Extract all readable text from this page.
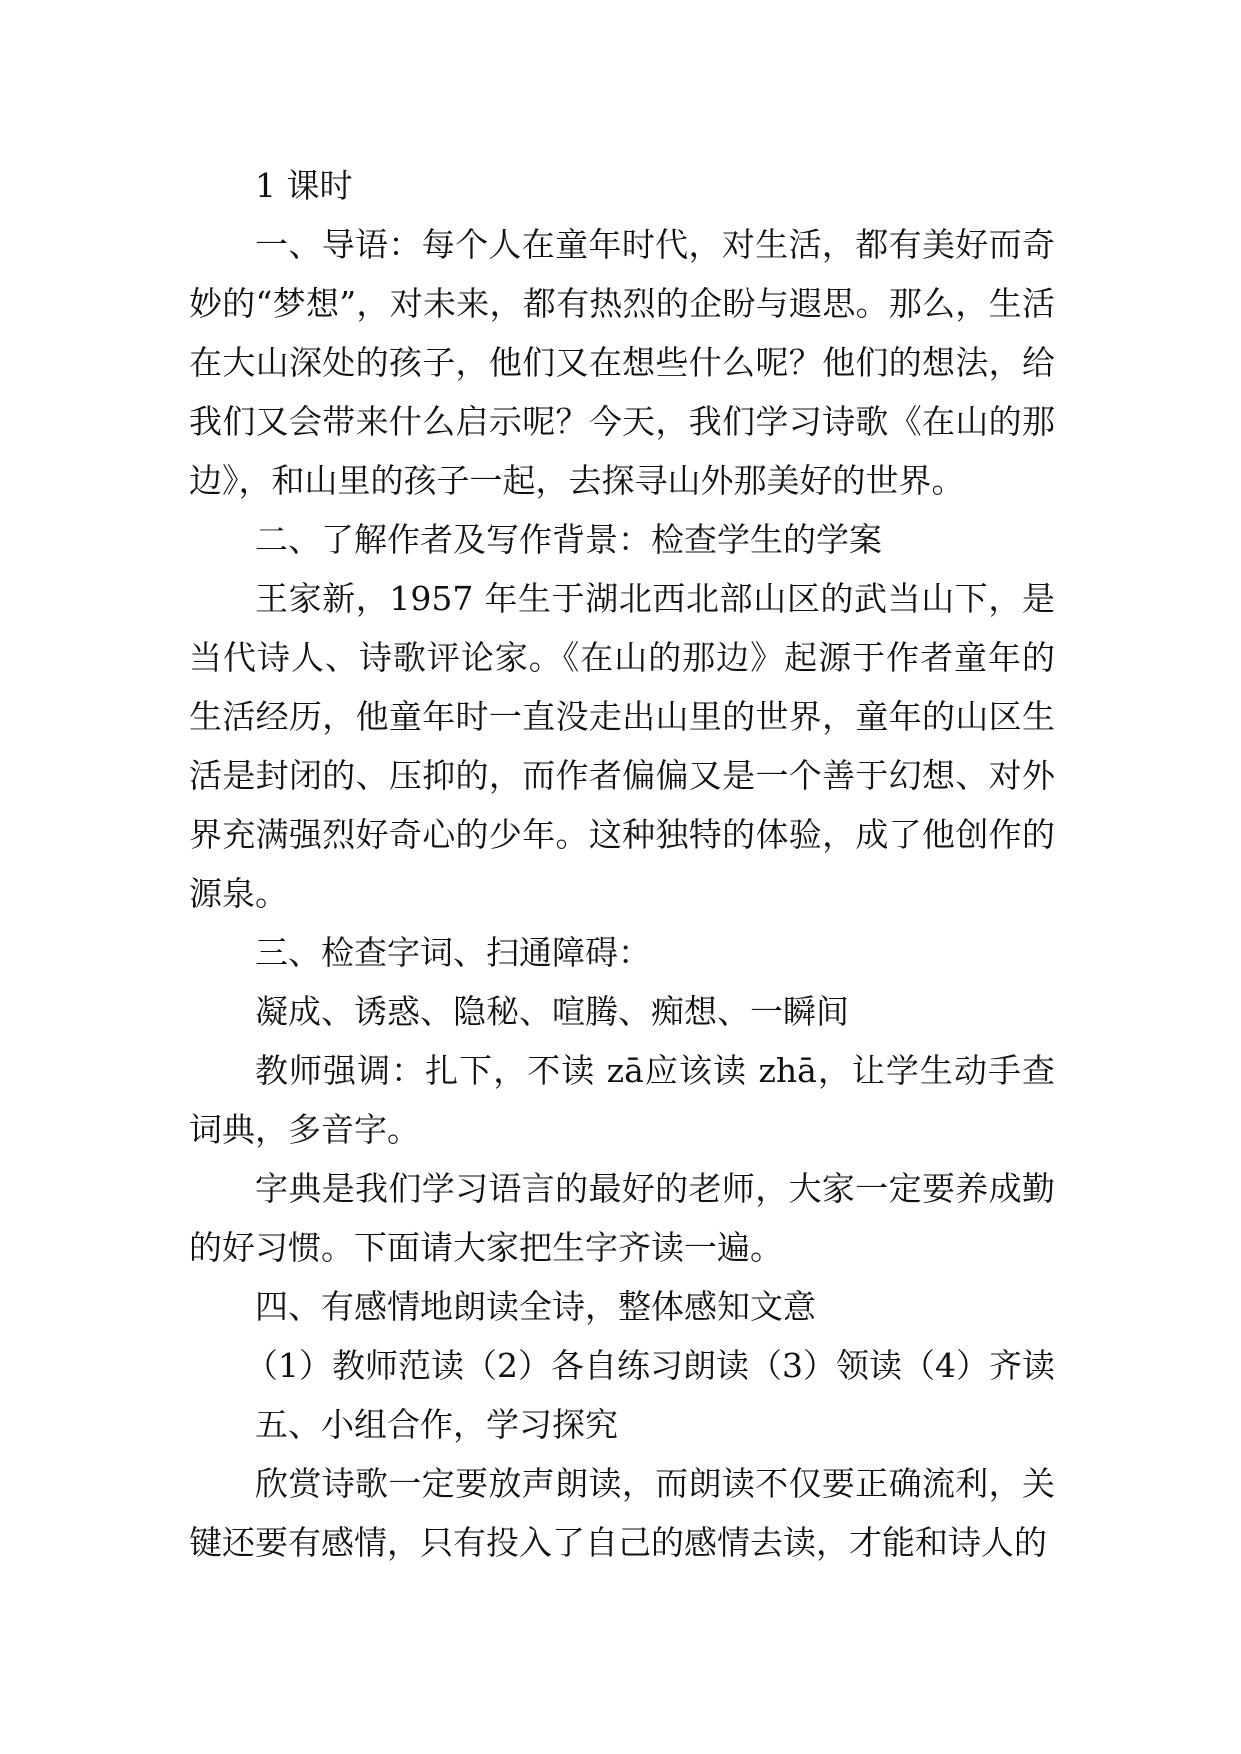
1 课时

一、导语：每个人在童年时代，对生活，都有美好而奇妙的“梦想”，对未来，都有热烈的企盼与遐思。那么，生活在大山深处的孩子，他们又在想些什么呢？他们的想法，给我们又会带来什么启示呢？今天，我们学习诗歌《在山的那边》，和山里的孩子一起，去探寻山外那美好的世界。

二、了解作者及写作背景：检查学生的学案

王家新，1957 年生于湖北西北部山区的武当山下，是当代诗人、诗歌评论家。《在山的那边》起源于作者童年的生活经历，他童年时一直没走出山里的世界，童年的山区生活是封闭的、压抑的，而作者偏偏又是一个善于幻想、对外界充满强烈好奇心的少年。这种独特的体验，成了他创作的源泉。

三、检查字词、扫通障碍：

凝成、诱惑、隐秘、喧腾、痴想、一瞬间

教师强调：扎下，不读 zā应该读 zhā，让学生动手查词典，多音字。

字典是我们学习语言的最好的老师，大家一定要养成勤的好习惯。下面请大家把生字齐读一遍。

四、有感情地朗读全诗，整体感知文意

（1）教师范读（2）各自练习朗读（3）领读（4）齐读

五、小组合作，学习探究

欣赏诗歌一定要放声朗读，而朗读不仅要正确流利，关键还要有感情，只有投入了自己的感情去读，才能和诗人的
